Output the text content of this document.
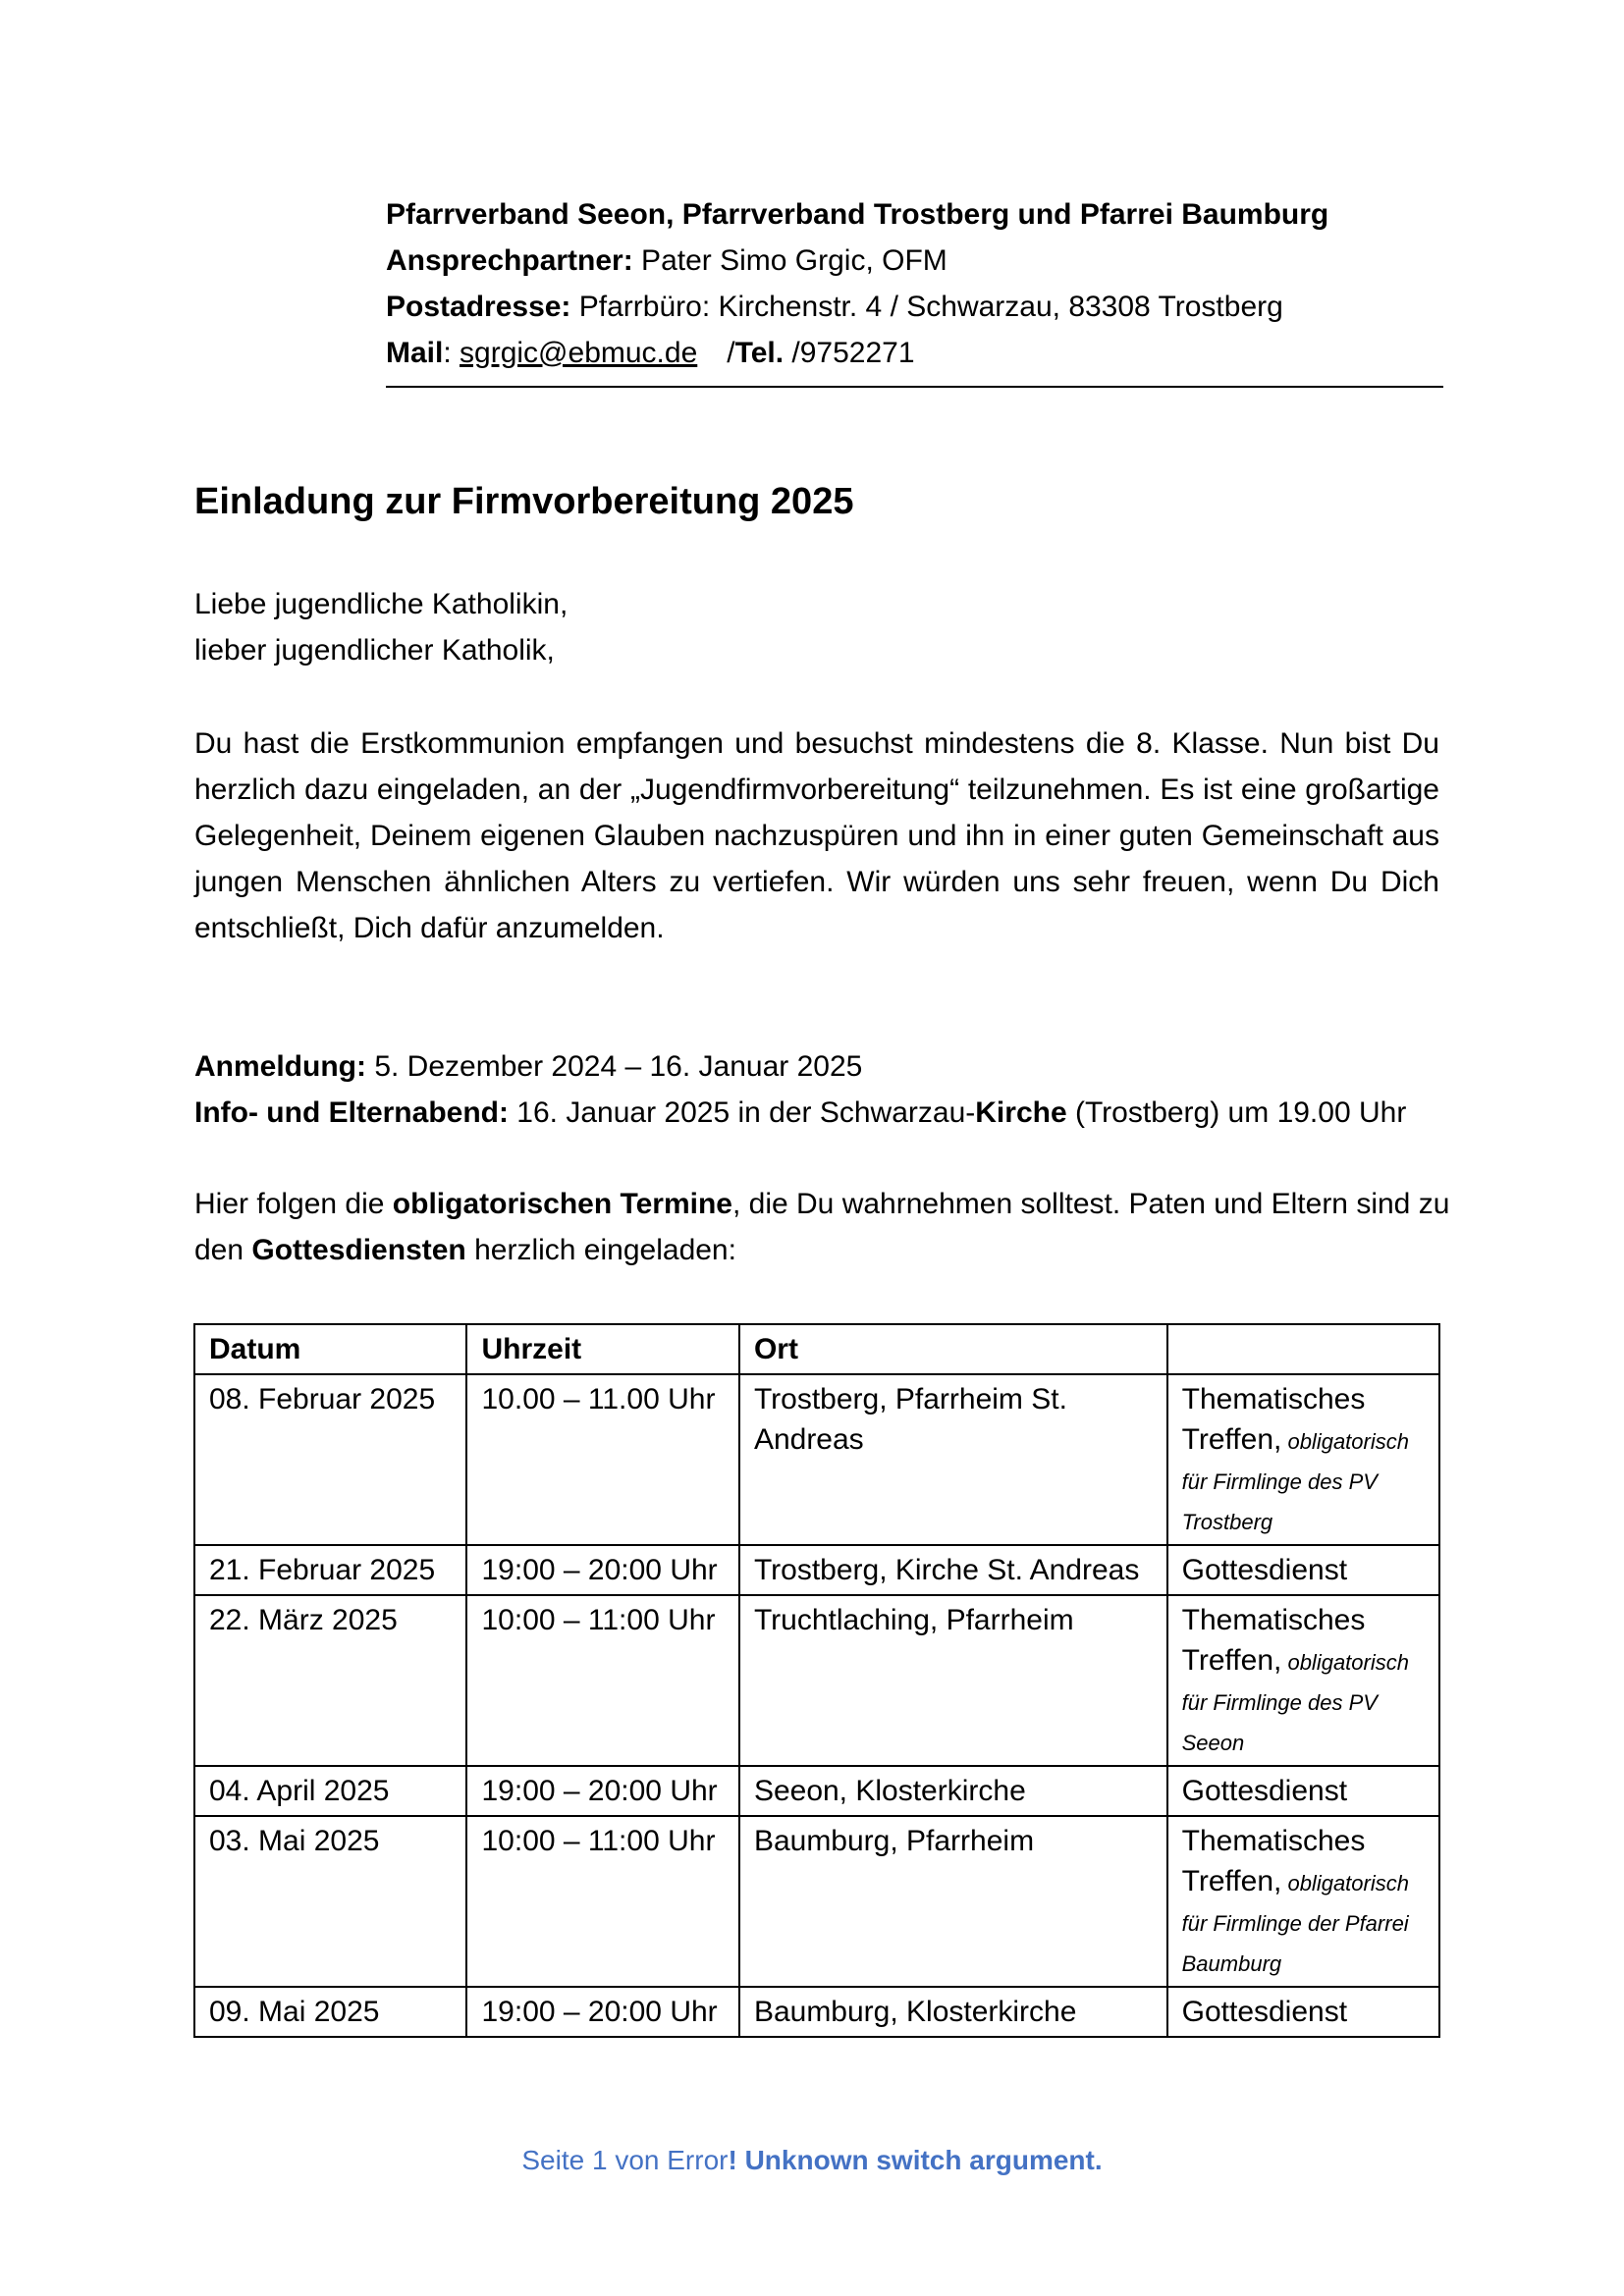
Pfarrverband Seeon, Pfarrverband Trostberg und Pfarrei Baumburg
Ansprechpartner: Pater Simo Grgic, OFM
Postadresse: Pfarrbüro: Kirchenstr. 4 / Schwarzau, 83308 Trostberg
Mail: sgrgic@ebmuc.de /Tel. /9752271
Einladung zur Firmvorbereitung 2025
Liebe jugendliche Katholikin,
lieber jugendlicher Katholik,
Du hast die Erstkommunion empfangen und besuchst mindestens die 8. Klasse. Nun bist Du herzlich dazu eingeladen, an der „Jugendfirmvorbereitung“ teilzunehmen. Es ist eine großartige Gelegenheit, Deinem eigenen Glauben nachzuspüren und ihn in einer guten Gemeinschaft aus jungen Menschen ähnlichen Alters zu vertiefen. Wir würden uns sehr freuen, wenn Du Dich entschließt, Dich dafür anzumelden.
Anmeldung: 5. Dezember 2024 – 16. Januar 2025
Info- und Elternabend: 16. Januar 2025 in der Schwarzau-Kirche (Trostberg) um 19.00 Uhr
Hier folgen die obligatorischen Termine, die Du wahrnehmen solltest. Paten und Eltern sind zu den Gottesdiensten herzlich eingeladen:
Datum	Uhrzeit	Ort	
08. Februar 2025	10.00 – 11.00 Uhr	Trostberg, Pfarrheim St. Andreas	Thematisches Treffen, obligatorisch für Firmlinge des PV Trostberg
21. Februar 2025	19:00 – 20:00 Uhr	Trostberg, Kirche St. Andreas	Gottesdienst
22. März 2025	10:00 – 11:00 Uhr	Truchtlaching, Pfarrheim	Thematisches Treffen, obligatorisch für Firmlinge des PV Seeon
04. April 2025	19:00 – 20:00 Uhr	Seeon, Klosterkirche	Gottesdienst
03. Mai 2025	10:00 – 11:00 Uhr	Baumburg, Pfarrheim	Thematisches Treffen, obligatorisch für Firmlinge der Pfarrei Baumburg
09. Mai 2025	19:00 – 20:00 Uhr	Baumburg, Klosterkirche	Gottesdienst
Seite 1 von Error! Unknown switch argument.
